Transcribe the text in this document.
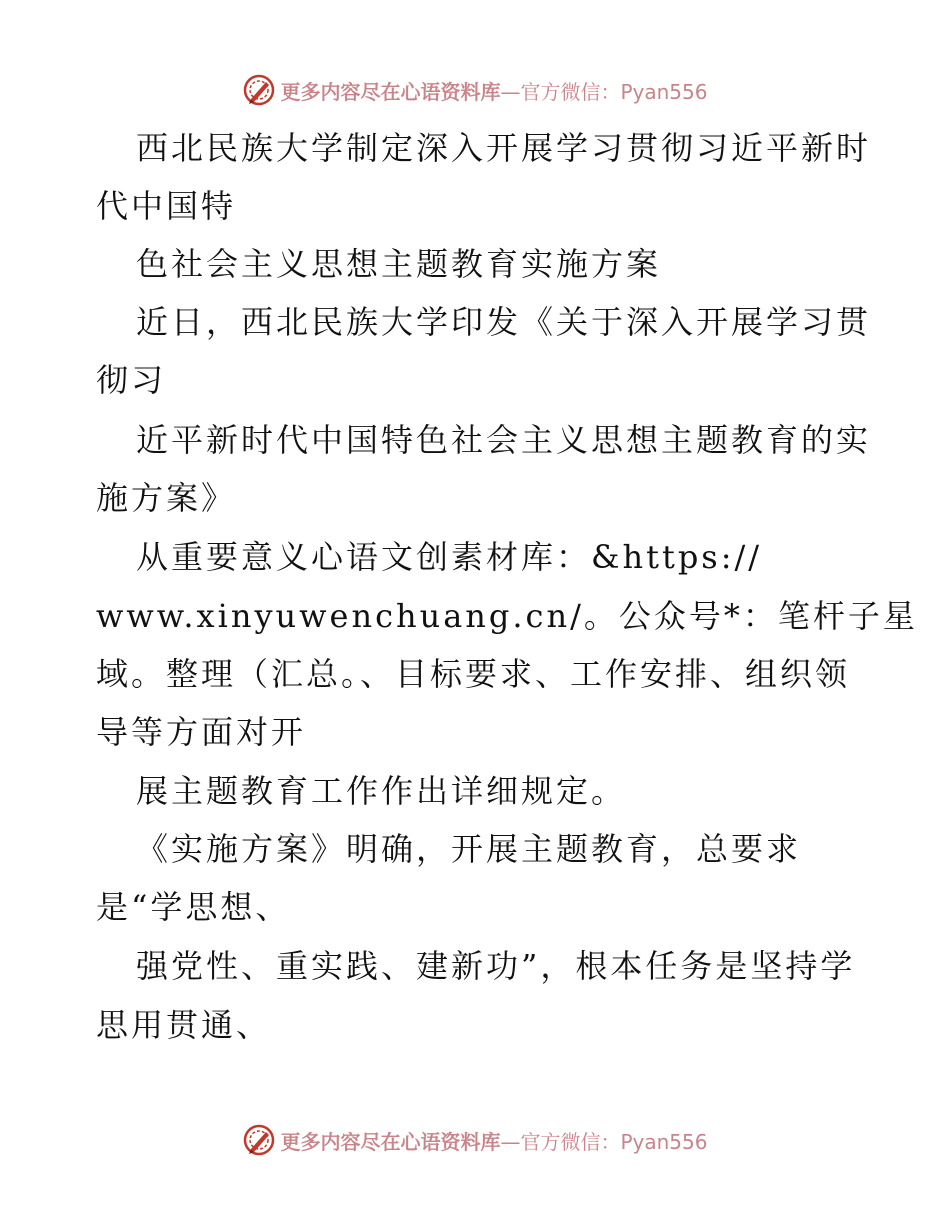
更多内容尽在心语资料库—官方微信：Pyan556
西北民族大学制定深入开展学习贯彻习近平新时
代中国特
色社会主义思想主题教育实施方案
近日，西北民族大学印发《关于深入开展学习贯
彻习
近平新时代中国特色社会主义思想主题教育的实
施方案》
从重要意义心语文创素材库：&https://
www.xinyuwenchuang.cn/。公众号*：笔杆子星
域。整理（汇总。、目标要求、工作安排、组织领
导等方面对开
展主题教育工作作出详细规定。
《实施方案》明确，开展主题教育，总要求
是“学思想、
强党性、重实践、建新功”，根本任务是坚持学
思用贯通、
更多内容尽在心语资料库—官方微信：Pyan556
